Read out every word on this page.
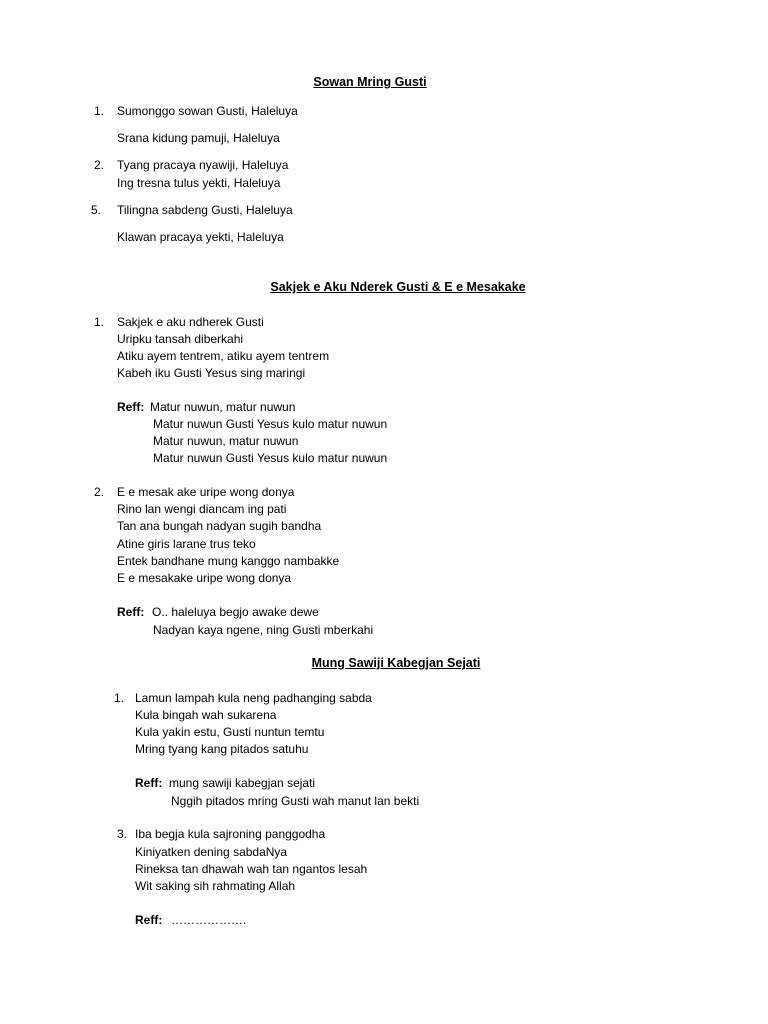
Sowan Mring Gusti
1. Sumonggo sowan Gusti, Haleluya
Srana kidung pamuji, Haleluya
2. Tyang pracaya nyawiji, Haleluya
Ing tresna tulus yekti, Haleluya
5. Tilingna sabdeng Gusti, Haleluya
Klawan pracaya yekti, Haleluya
Sakjek e Aku Nderek Gusti & E e Mesakake
1. Sakjek e aku ndherek Gusti
Uripku tansah diberkahi
Atiku ayem tentrem, atiku ayem tentrem
Kabeh iku Gusti Yesus sing maringi
Reff: Matur nuwun, matur nuwun
Matur nuwun Gusti Yesus kulo matur nuwun
Matur nuwun, matur nuwun
Matur nuwun Gusti Yesus kulo matur nuwun
2. E e mesak ake uripe wong donya
Rino lan wengi diancam ing pati
Tan ana bungah nadyan sugih bandha
Atine giris larane trus teko
Entek bandhane mung kanggo nambakke
E e mesakake uripe wong donya
Reff: O.. haleluya begjo awake dewe
Nadyan kaya ngene, ning Gusti mberkahi
Mung Sawiji Kabegjan Sejati
1. Lamun lampah kula neng padhanging sabda
Kula bingah wah sukarena
Kula yakin estu, Gusti nuntun temtu
Mring tyang kang pitados satuhu
Reff: mung sawiji kabegjan sejati
Nggih pitados mring Gusti wah manut lan bekti
3. Iba begja kula sajroning panggodha
Kiniyatken dening sabdaNya
Rineksa tan dhawah wah tan ngantos lesah
Wit saking sih rahmating Allah
Reff: ……………….
